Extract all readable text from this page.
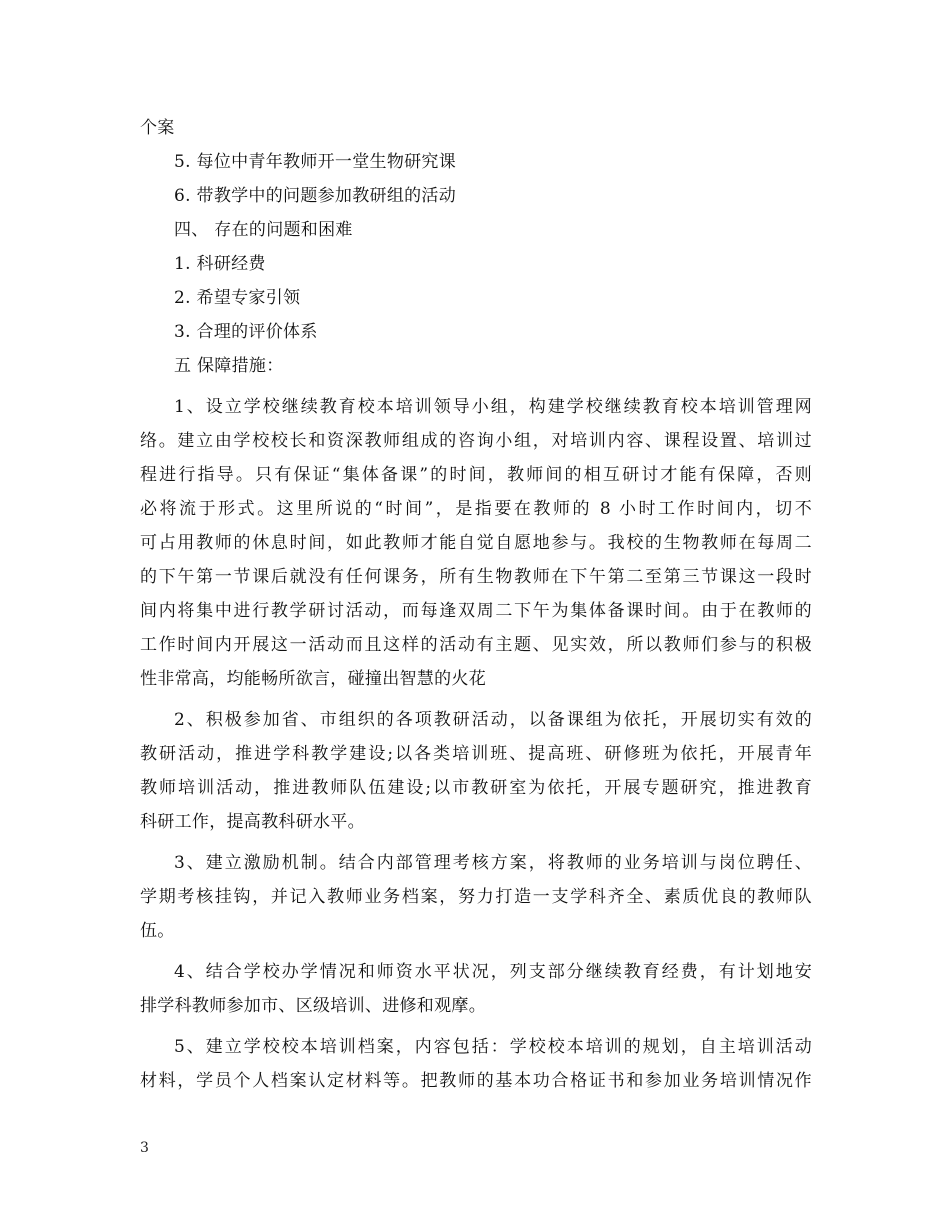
个案
5. 每位中青年教师开一堂生物研究课
6. 带教学中的问题参加教研组的活动
四、 存在的问题和困难
1. 科研经费
2. 希望专家引领
3. 合理的评价体系
五 保障措施：
1、设立学校继续教育校本培训领导小组，构建学校继续教育校本培训管理网
络。建立由学校校长和资深教师组成的咨询小组，对培训内容、课程设置、培训过
程进行指导。只有保证“集体备课”的时间，教师间的相互研讨才能有保障，否则
必将流于形式。这里所说的“时间”，是指要在教师的 8 小时工作时间内，切不
可占用教师的休息时间，如此教师才能自觉自愿地参与。我校的生物教师在每周二
的下午第一节课后就没有任何课务，所有生物教师在下午第二至第三节课这一段时
间内将集中进行教学研讨活动，而每逢双周二下午为集体备课时间。由于在教师的
工作时间内开展这一活动而且这样的活动有主题、见实效，所以教师们参与的积极
性非常高，均能畅所欲言，碰撞出智慧的火花
2、积极参加省、市组织的各项教研活动，以备课组为依托，开展切实有效的
教研活动，推进学科教学建设;以各类培训班、提高班、研修班为依托，开展青年
教师培训活动，推进教师队伍建设;以市教研室为依托，开展专题研究，推进教育
科研工作，提高教科研水平。
3、建立激励机制。结合内部管理考核方案，将教师的业务培训与岗位聘任、
学期考核挂钩，并记入教师业务档案，努力打造一支学科齐全、素质优良的教师队
伍。
4、结合学校办学情况和师资水平状况，列支部分继续教育经费，有计划地安
排学科教师参加市、区级培训、进修和观摩。
5、建立学校校本培训档案，内容包括：学校校本培训的规划，自主培训活动
材料，学员个人档案认定材料等。把教师的基本功合格证书和参加业务培训情况作
3
